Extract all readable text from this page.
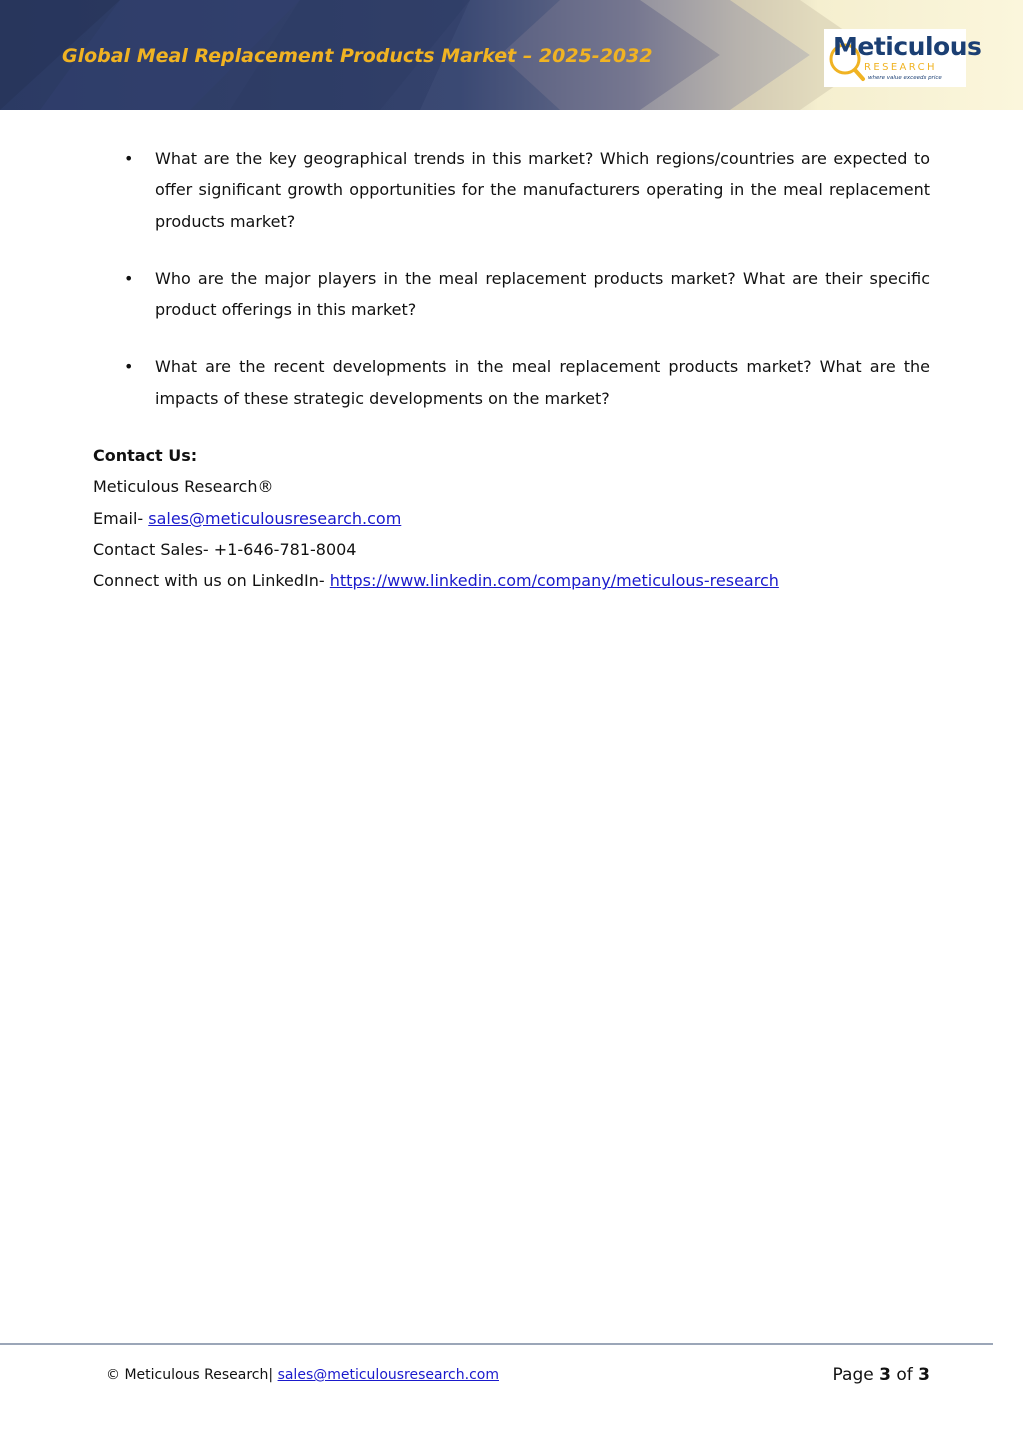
Global Meal Replacement Products Market – 2025-2032	Meticulous
RESEARCH
where value exceeds price
• What are the key geographical trends in this market? Which regions/countries are expected to offer significant growth opportunities for the manufacturers operating in the meal replacement products market?
• Who are the major players in the meal replacement products market? What are their specific product offerings in this market?
• What are the recent developments in the meal replacement products market? What are the impacts of these strategic developments on the market?
Contact Us:
Meticulous Research®
Email- sales@meticulousresearch.com
Contact Sales- +1-646-781-8004
Connect with us on LinkedIn- https://www.linkedin.com/company/meticulous-research
© Meticulous Research| sales@meticulousresearch.com	Page 3 of 3
